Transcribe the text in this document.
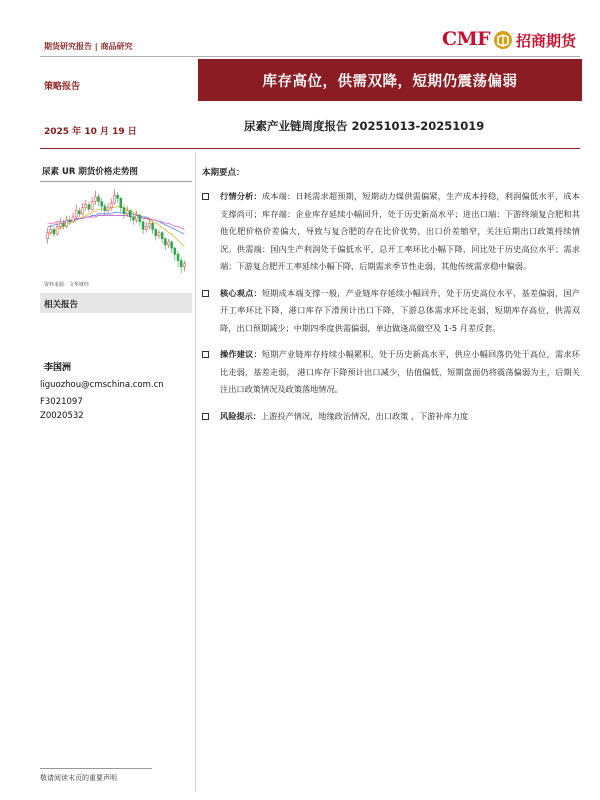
期货研究报告 | 商品研究	CMF 招商期货
策略报告	库存高位，供需双降，短期仍震荡偏弱
2025 年 10 月 19 日	尿素产业链周度报告 20251013-20251019
尿素 UR 期货价格走势图
资料来源：文华财经
相关报告
李国洲
liguozhou@cmschina.com.cn
F3021097
Z0020532
本期要点：
行情分析：成本端：日耗需求超预期，短期动力煤供需偏紧，生产成本持稳，利润偏低水平，成本支撑尚可；库存端：企业库存延续小幅回升，处于历史新高水平；进出口端：下游终端复合肥和其他化肥价格价差偏大，导致与复合肥的存在比价优势，出口价差缩窄，关注后期出口政策持续情况。供需端：国内生产利润处于偏低水平，总开工率环比小幅下降，同比处于历史高位水平；需求端：下游复合肥开工率延续小幅下降，后期需求季节性走弱，其他传统需求稳中偏弱。
核心观点：短期成本端支撑一般，产业链库存延续小幅回升，处于历史高位水平，基差偏弱，国产开工率环比下降，港口库存下滑预计出口下降，下游总体需求环比走弱，短期库存高位，供需双降，出口预期减少；中期四季度供需偏弱，单边做逢高做空及 1-5 月差反套。
操作建议：短期产业链库存持续小幅累积，处于历史新高水平，供应小幅回落仍处于高位，需求环比走弱，基差走弱， 港口库存下降预计出口减少，估值偏低，短期盘面仍将震荡偏弱为主，后期关注出口政策情况及政策落地情况。
风险提示：上游投产情况，地缘政治情况，出口政策 ，下游补库力度
敬请阅读末页的重要声明
